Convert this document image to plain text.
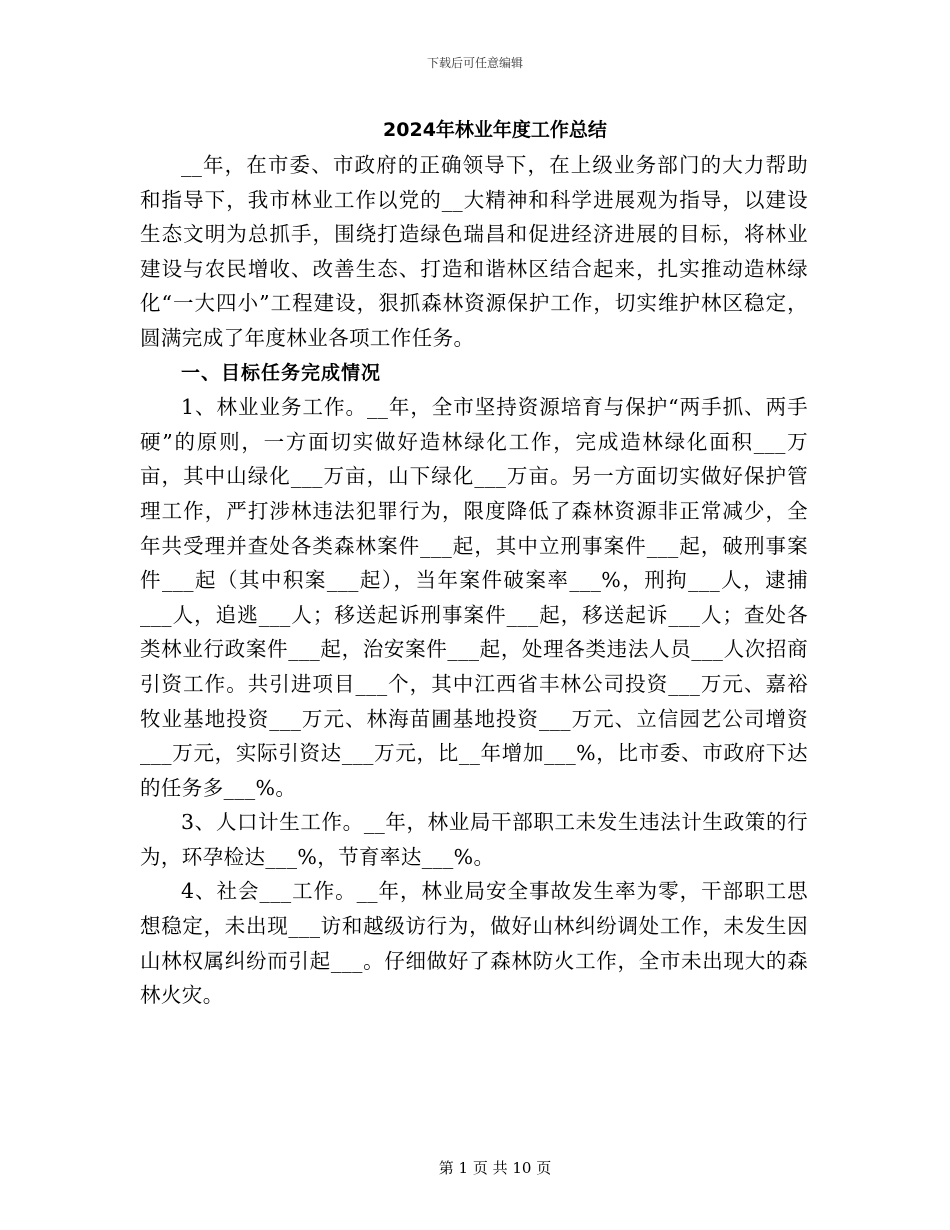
下载后可任意编辑
2024年林业年度工作总结

__年，在市委、市政府的正确领导下，在上级业务部门的大力帮助和指导下，我市林业工作以党的__大精神和科学进展观为指导，以建设生态文明为总抓手，围绕打造绿色瑞昌和促进经济进展的目标，将林业建设与农民增收、改善生态、打造和谐林区结合起来，扎实推动造林绿化“一大四小”工程建设，狠抓森林资源保护工作，切实维护林区稳定，圆满完成了年度林业各项工作任务。

一、目标任务完成情况

1、林业业务工作。__年，全市坚持资源培育与保护“两手抓、两手硬”的原则，一方面切实做好造林绿化工作，完成造林绿化面积___万亩，其中山绿化___万亩，山下绿化___万亩。另一方面切实做好保护管理工作，严打涉林违法犯罪行为，限度降低了森林资源非正常减少，全年共受理并查处各类森林案件___起，其中立刑事案件___起，破刑事案件___起（其中积案___起），当年案件破案率___%，刑拘___人，逮捕___人，追逃___人；移送起诉刑事案件___起，移送起诉___人；查处各类林业行政案件___起，治安案件___起，处理各类违法人员___人次招商引资工作。共引进项目___个，其中江西省丰林公司投资___万元、嘉裕牧业基地投资___万元、林海苗圃基地投资___万元、立信园艺公司增资___万元，实际引资达___万元，比__年增加___%，比市委、市政府下达的任务多___%。

3、人口计生工作。__年，林业局干部职工未发生违法计生政策的行为，环孕检达___%，节育率达___%。

4、社会___工作。__年，林业局安全事故发生率为零，干部职工思想稳定，未出现___访和越级访行为，做好山林纠纷调处工作，未发生因山林权属纠纷而引起___。仔细做好了森林防火工作，全市未出现大的森林火灾。

第 1 页 共 10 页
